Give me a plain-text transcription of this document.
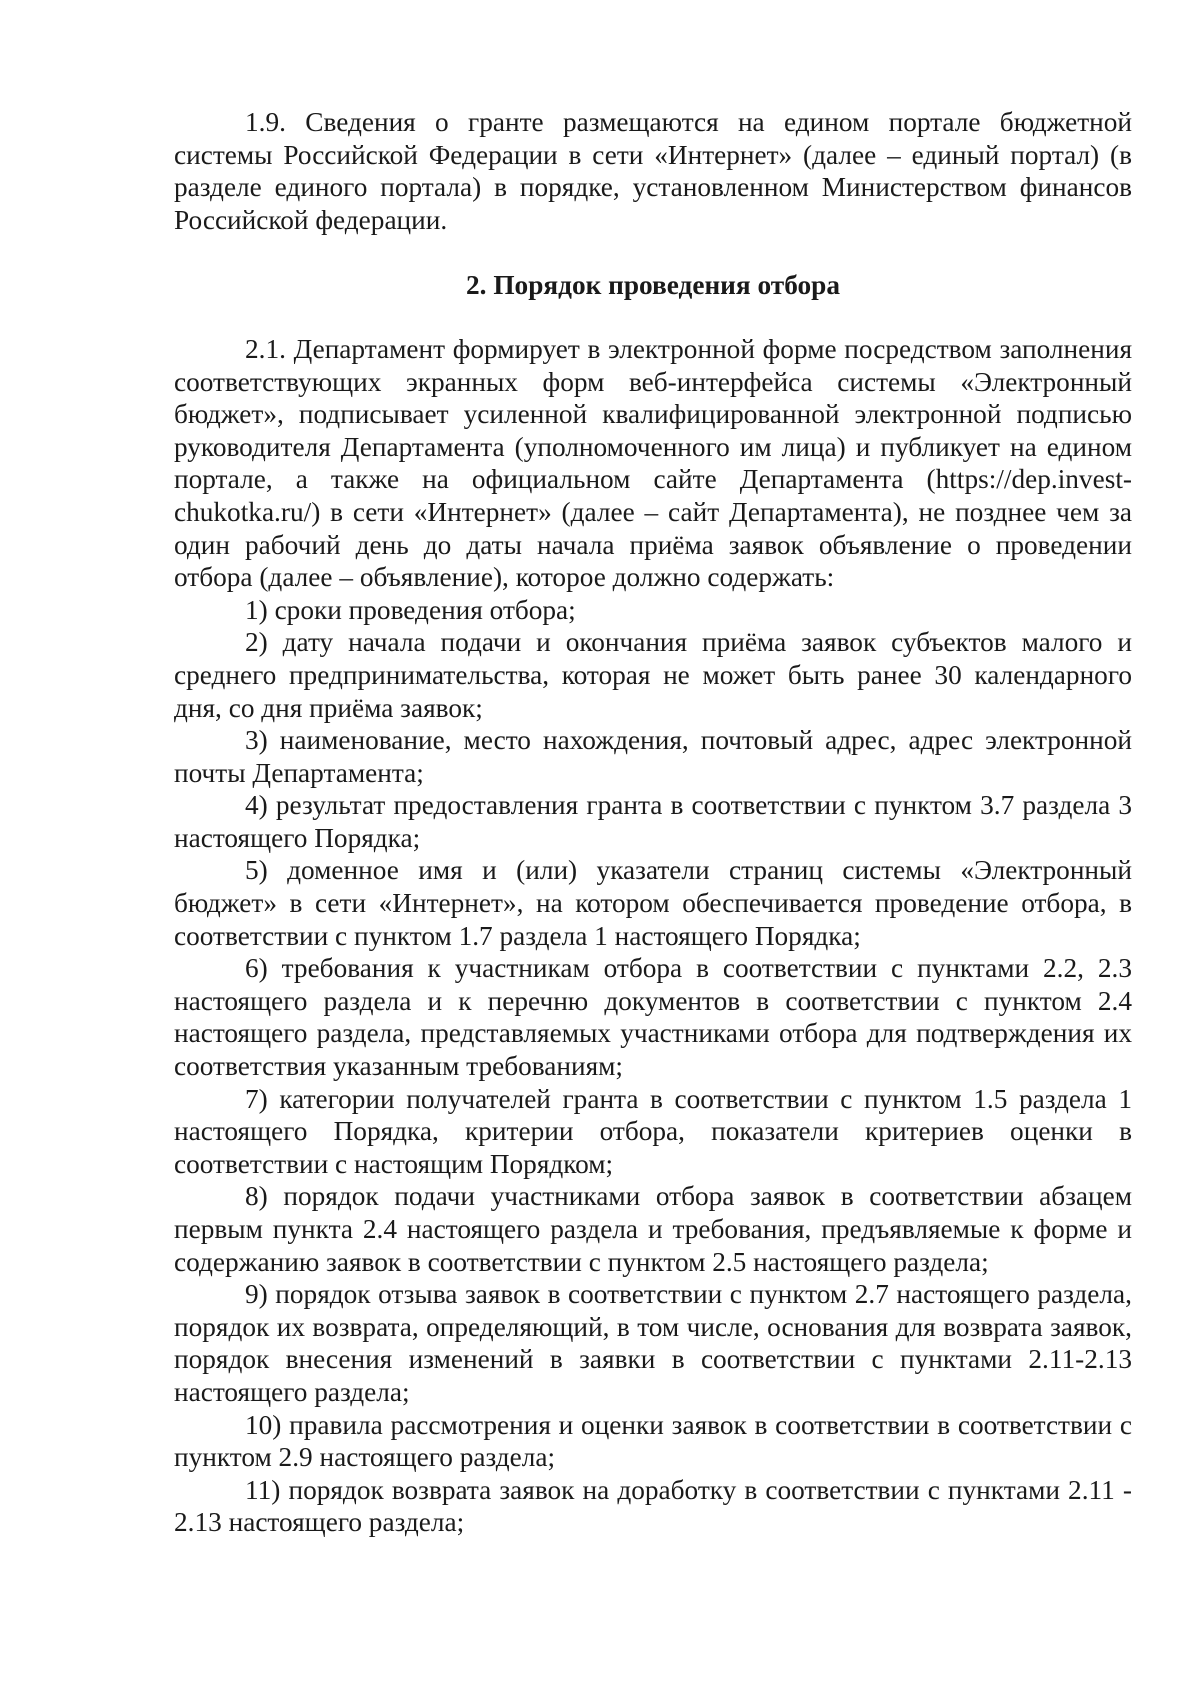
1.9. Сведения о гранте размещаются на едином портале бюджетной системы Российской Федерации в сети «Интернет» (далее – единый портал) (в разделе единого портала) в порядке, установленном Министерством финансов Российской федерации.

2. Порядок проведения отбора

2.1. Департамент формирует в электронной форме посредством заполнения соответствующих экранных форм веб-интерфейса системы «Электронный бюджет», подписывает усиленной квалифицированной электронной подписью руководителя Департамента (уполномоченного им лица) и публикует на едином портале, а также на официальном сайте Департамента (https://dep.invest-chukotka.ru/) в сети «Интернет» (далее – сайт Департамента), не позднее чем за один рабочий день до даты начала приёма заявок объявление о проведении отбора (далее – объявление), которое должно содержать:

1) сроки проведения отбора;

2) дату начала подачи и окончания приёма заявок субъектов малого и среднего предпринимательства, которая не может быть ранее 30 календарного дня, со дня приёма заявок;

3) наименование, место нахождения, почтовый адрес, адрес электронной почты Департамента;

4) результат предоставления гранта в соответствии с пунктом 3.7 раздела 3 настоящего Порядка;

5) доменное имя и (или) указатели страниц системы «Электронный бюджет» в сети «Интернет», на котором обеспечивается проведение отбора, в соответствии с пунктом 1.7 раздела 1 настоящего Порядка;

6) требования к участникам отбора в соответствии с пунктами 2.2, 2.3 настоящего раздела и к перечню документов в соответствии с пунктом 2.4 настоящего раздела, представляемых участниками отбора для подтверждения их соответствия указанным требованиям;

7) категории получателей гранта в соответствии с пунктом 1.5 раздела 1 настоящего Порядка, критерии отбора, показатели критериев оценки в соответствии с настоящим Порядком;

8) порядок подачи участниками отбора заявок в соответствии абзацем первым пункта 2.4 настоящего раздела и требования, предъявляемые к форме и содержанию заявок в соответствии с пунктом 2.5 настоящего раздела;

9) порядок отзыва заявок в соответствии с пунктом 2.7 настоящего раздела, порядок их возврата, определяющий, в том числе, основания для возврата заявок, порядок внесения изменений в заявки в соответствии с пунктами 2.11-2.13 настоящего раздела;

10) правила рассмотрения и оценки заявок в соответствии в соответствии с пунктом 2.9 настоящего раздела;

11) порядок возврата заявок на доработку в соответствии с пунктами 2.11 - 2.13 настоящего раздела;
